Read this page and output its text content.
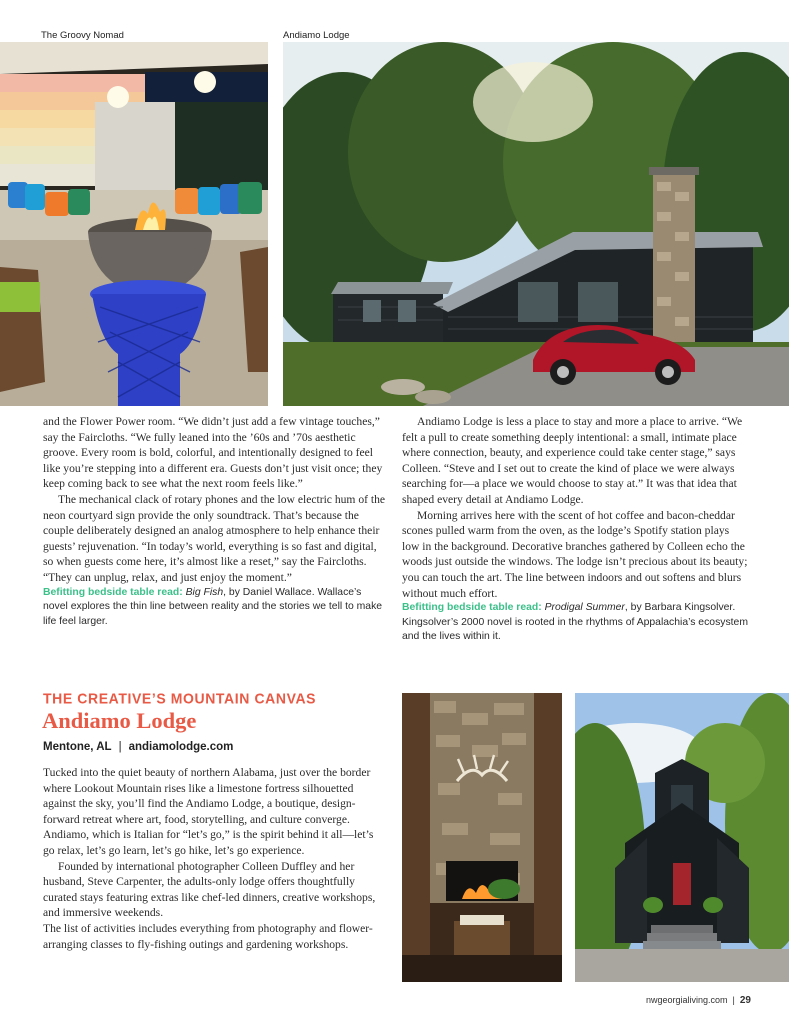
The Groovy Nomad	Andiamo Lodge

and the Flower Power room. “We didn’t just add a few vintage touches,” say the Faircloths. “We fully leaned into the ’60s and ’70s aesthetic groove. Every room is bold, colorful, and intentionally designed to feel like you’re stepping into a different era. Guests don’t just visit once; they keep coming back to see what the next room feels like.”

The mechanical clack of rotary phones and the low electric hum of the neon courtyard sign provide the only soundtrack. That’s because the couple deliberately designed an analog atmosphere to help enhance their guests’ rejuvenation. “In today’s world, everything is so fast and digital, so when guests come here, it’s almost like a reset,” say the Faircloths. “They can unplug, relax, and just enjoy the moment.”

Befitting bedside table read: Big Fish, by Daniel Wallace. Wallace’s novel explores the thin line between reality and the stories we tell to make life feel larger.

Andiamo Lodge is less a place to stay and more a place to arrive. “We felt a pull to create something deeply intentional: a small, intimate place where connection, beauty, and experience could take center stage,” says Colleen. “Steve and I set out to create the kind of place we were always searching for—a place we would choose to stay at.” It was that idea that shaped every detail at Andiamo Lodge.

Morning arrives here with the scent of hot coffee and bacon-cheddar scones pulled warm from the oven, as the lodge’s Spotify station plays low in the background. Decorative branches gathered by Colleen echo the woods just outside the windows. The lodge isn’t precious about its beauty; you can touch the art. The line between indoors and out softens and blurs without much effort.

Befitting bedside table read: Prodigal Summer, by Barbara Kingsolver. Kingsolver’s 2000 novel is rooted in the rhythms of Appalachia’s ecosystem and the lives within it.

THE CREATIVE’S MOUNTAIN CANVAS
Andiamo Lodge
Mentone, AL | andiamolodge.com

Tucked into the quiet beauty of northern Alabama, just over the border where Lookout Mountain rises like a limestone fortress silhouetted against the sky, you’ll find the Andiamo Lodge, a boutique, design-forward retreat where art, food, storytelling, and culture converge. Andiamo, which is Italian for “let’s go,” is the spirit behind it all—let’s go relax, let’s go learn, let’s go hike, let’s go experience.

Founded by international photographer Colleen Duffley and her husband, Steve Carpenter, the adults-only lodge offers thoughtfully curated stays featuring extras like chef-led dinners, creative workshops, and immersive weekends.

The list of activities includes everything from photography and flower-arranging classes to fly-fishing outings and gardening workshops.

nwgeorgialiving.com | 29
